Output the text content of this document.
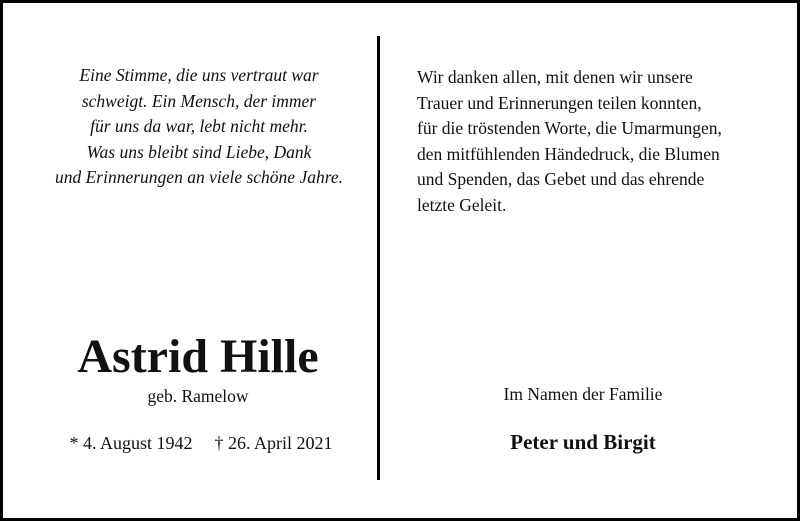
Eine Stimme, die uns vertraut war
schweigt. Ein Mensch, der immer
für uns da war, lebt nicht mehr.
Was uns bleibt sind Liebe, Dank
und Erinnerungen an viele schöne Jahre.
Astrid Hille
geb. Ramelow
* 4. August 1942 † 26. April 2021
Wir danken allen, mit denen wir unsere
Trauer und Erinnerungen teilen konnten,
für die tröstenden Worte, die Umarmungen,
den mitfühlenden Händedruck, die Blumen
und Spenden, das Gebet und das ehrende
letzte Geleit.
Im Namen der Familie
Peter und Birgit
